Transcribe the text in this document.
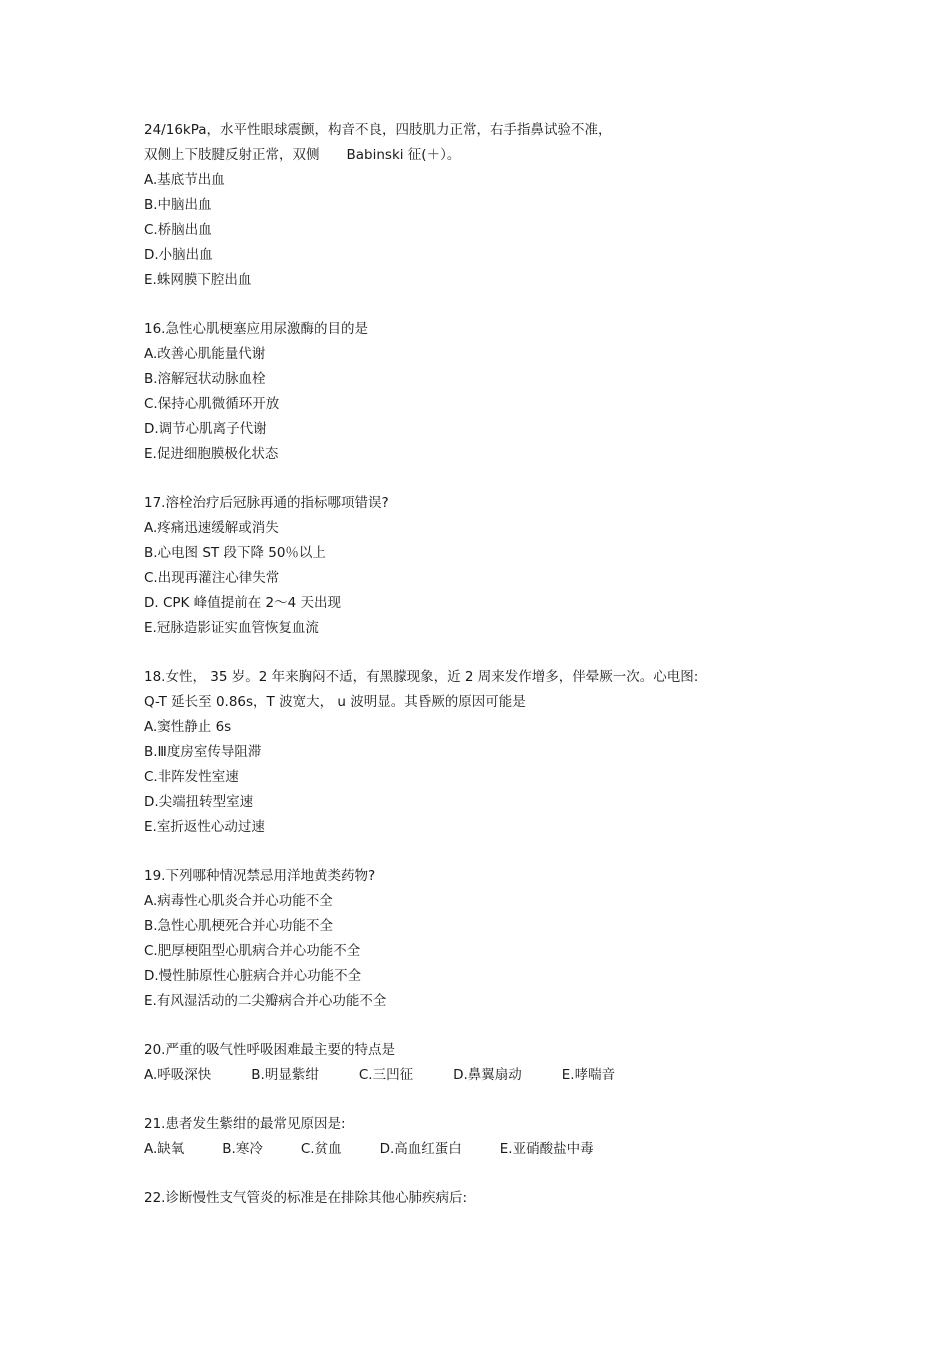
24/16kPa，水平性眼球震颤，构音不良，四肢肌力正常，右手指鼻试验不准，
双侧上下肢腱反射正常，双侧　　Babinski 征(＋）。
A.基底节出血
B.中脑出血
C.桥脑出血
D.小脑出血
E.蛛网膜下腔出血
16.急性心肌梗塞应用尿激酶的目的是
A.改善心肌能量代谢
B.溶解冠状动脉血栓
C.保持心肌微循环开放
D.调节心肌离子代谢
E.促进细胞膜极化状态
17.溶栓治疗后冠脉再通的指标哪项错误?
A.疼痛迅速缓解或消失
B.心电图 ST 段下降 50％以上
C.出现再灌注心律失常
D. CPK 峰值提前在 2～4 天出现
E.冠脉造影证实血管恢复血流
18.女性， 35 岁。2 年来胸闷不适，有黑朦现象，近 2 周来发作增多，伴晕厥一次。心电图:
Q-T 延长至 0.86s，T 波宽大， u 波明显。其昏厥的原因可能是
A.窦性静止 6s
B.Ⅲ度房室传导阻滞
C.非阵发性室速
D.尖端扭转型室速
E.室折返性心动过速
19.下列哪种情况禁忌用洋地黄类药物?
A.病毒性心肌炎合并心功能不全
B.急性心肌梗死合并心功能不全
C.肥厚梗阻型心肌病合并心功能不全
D.慢性肺原性心脏病合并心功能不全
E.有风湿活动的二尖瓣病合并心功能不全
20.严重的吸气性呼吸困难最主要的特点是
A.呼吸深快	B.明显紫绀	C.三凹征	D.鼻翼扇动	E.哮喘音
21.患者发生紫绀的最常见原因是:
A.缺氧	B.寒冷	C.贫血	D.高血红蛋白	E.亚硝酸盐中毒
22.诊断慢性支气管炎的标准是在排除其他心肺疾病后:
